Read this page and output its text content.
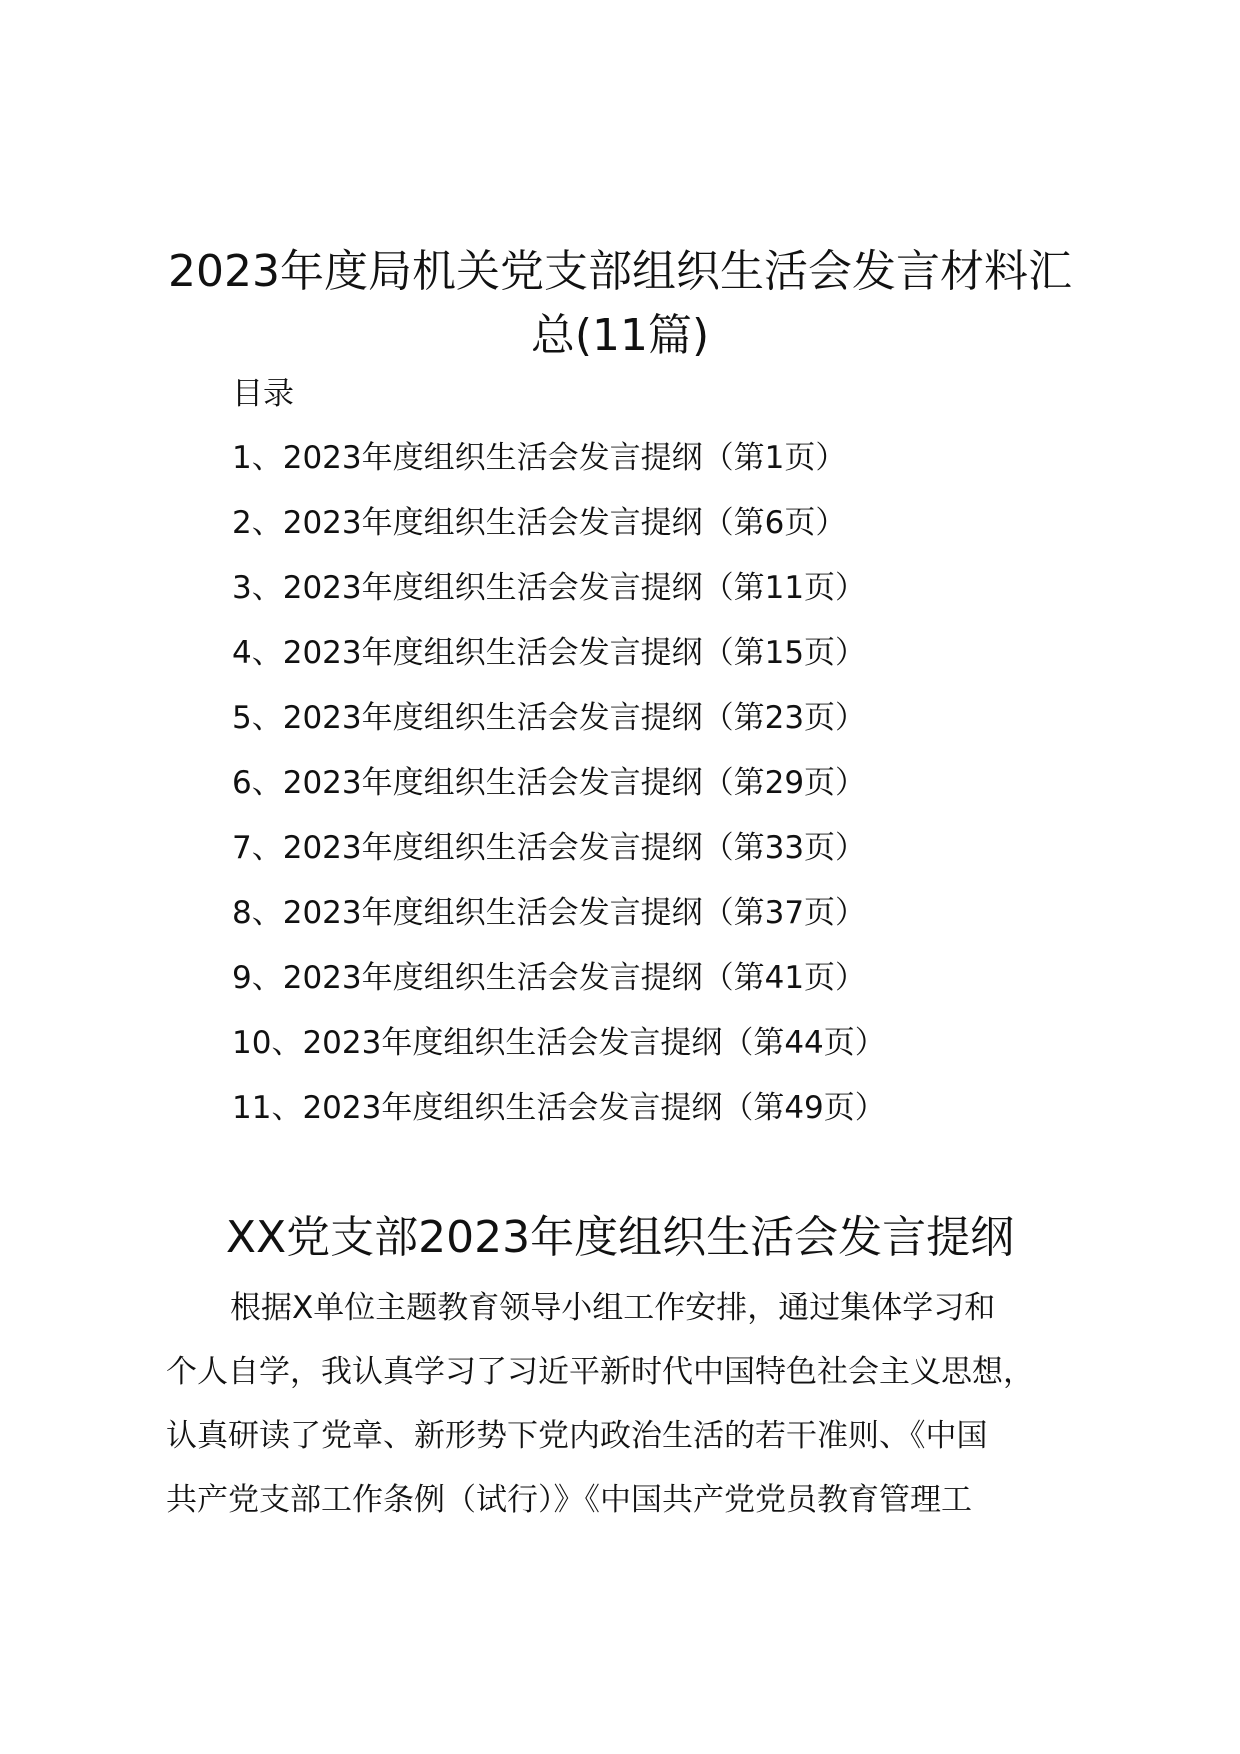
2023年度局机关党支部组织生活会发言材料汇总(11篇)
目录
1、2023年度组织生活会发言提纲（第1页）
2、2023年度组织生活会发言提纲（第6页）
3、2023年度组织生活会发言提纲（第11页）
4、2023年度组织生活会发言提纲（第15页）
5、2023年度组织生活会发言提纲（第23页）
6、2023年度组织生活会发言提纲（第29页）
7、2023年度组织生活会发言提纲（第33页）
8、2023年度组织生活会发言提纲（第37页）
9、2023年度组织生活会发言提纲（第41页）
10、2023年度组织生活会发言提纲（第44页）
11、2023年度组织生活会发言提纲（第49页）
XX党支部2023年度组织生活会发言提纲

根据X单位主题教育领导小组工作安排，通过集体学习和
个人自学，我认真学习了习近平新时代中国特色社会主义思想，
认真研读了党章、新形势下党内政治生活的若干准则、《中国
共产党支部工作条例（试行）》《中国共产党党员教育管理工
